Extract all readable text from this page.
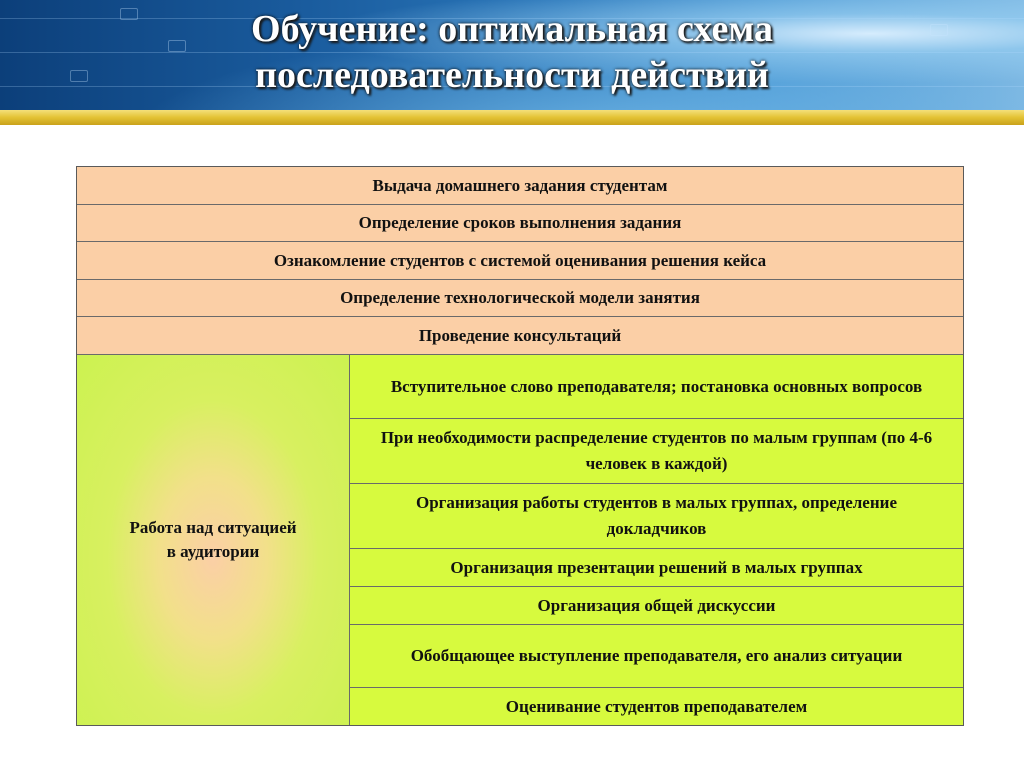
Обучение: оптимальная схема
последовательности действий
Выдача домашнего задания студентам
Определение сроков выполнения задания
Ознакомление студентов с системой оценивания решения кейса
Определение технологической модели занятия
Проведение консультаций
Работа над ситуацией
в аудитории
Вступительное слово преподавателя; постановка основных вопросов
При необходимости распределение студентов по малым группам (по 4-6 человек в каждой)
Организация работы студентов в малых группах, определение докладчиков
Организация презентации решений в малых группах
Организация общей дискуссии
Обобщающее выступление преподавателя, его анализ ситуации
Оценивание студентов преподавателем
